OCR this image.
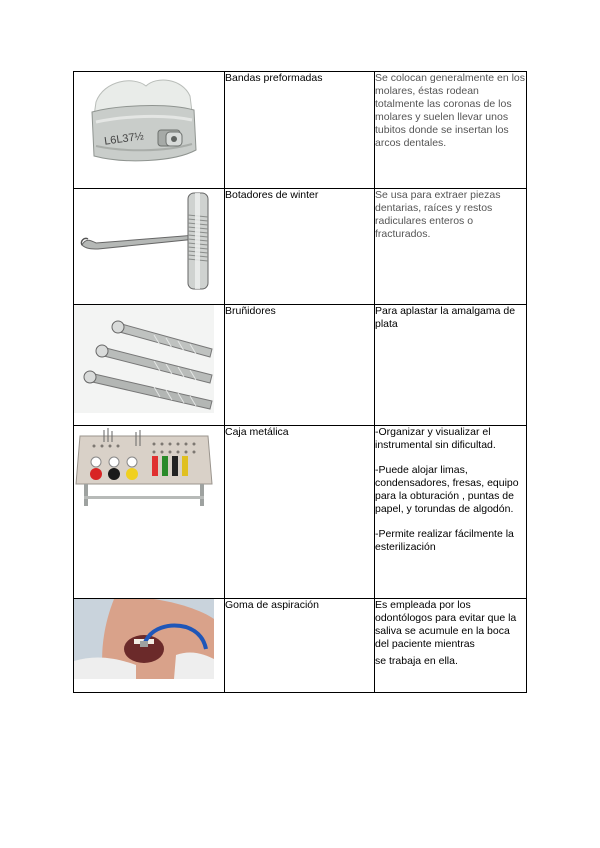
L6L37½	Bandas preformadas	Se colocan generalmente en los molares, éstas rodean totalmente las coronas de los molares y suelen llevar unos tubitos donde se insertan los arcos dentales.

	Botadores de winter	Se usa para extraer piezas dentarias, raíces y restos radiculares enteros o fracturados.

	Bruñidores	Para aplastar la amalgama de plata

	Caja metálica	-Organizar y visualizar el instrumental sin dificultad.

-Puede alojar limas, condensadores, fresas, equipo para la obturación , puntas de papel, y torundas de algodón.

-Permite realizar fácilmente la esterilización

	Goma de aspiración	Es empleada por los odontólogos para evitar que la saliva se acumule en la boca del paciente mientras

se trabaja en ella.
